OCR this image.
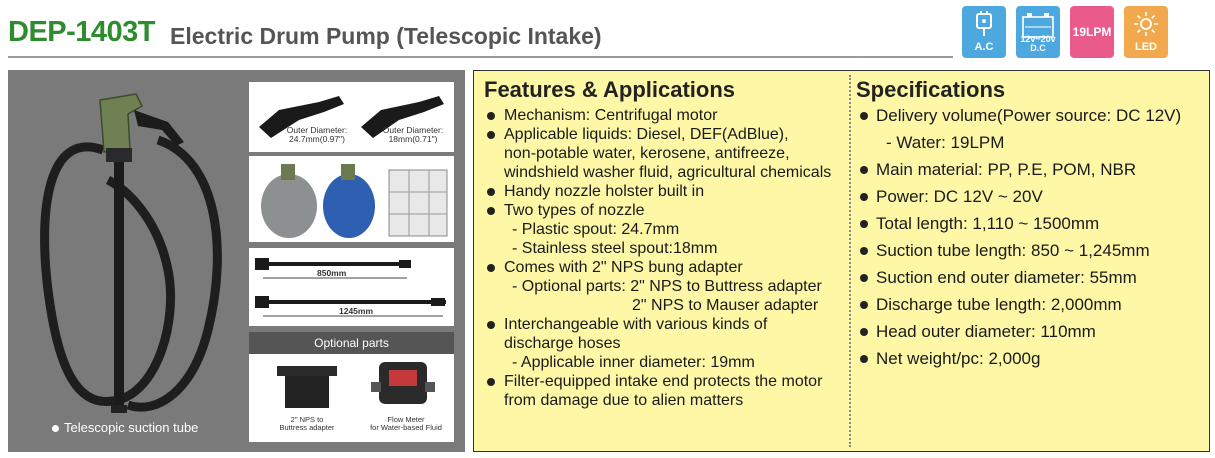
DEP-1403T Electric Drum Pump (Telescopic Intake)	A.C
12v~20v D.C
19LPM
LED
Telescopic suction tube
Outer Diameter:
24.7mm(0.97")
Outer Diameter:
18mm(0.71")
850mm
1245mm
Optional parts
2" NPS to
Buttress adapter
Flow Meter
for Water-based Fluid
Features & Applications
Mechanism: Centrifugal motor
Applicable liquids: Diesel, DEF(AdBlue),
non-potable water, kerosene, antifreeze,
windshield washer fluid, agricultural chemicals
Handy nozzle holster built in
Two types of nozzle
- Plastic spout: 24.7mm
- Stainless steel spout:18mm
Comes with 2" NPS bung adapter
- Optional parts: 2" NPS to Buttress adapter
2" NPS to Mauser adapter
Interchangeable with various kinds of
discharge hoses
- Applicable inner diameter: 19mm
Filter-equipped intake end protects the motor
from damage due to alien matters
Specifications
Delivery volume(Power source: DC 12V)
- Water: 19LPM
Main material: PP, P.E, POM, NBR
Power: DC 12V ~ 20V
Total length: 1,110 ~ 1500mm
Suction tube length: 850 ~ 1,245mm
Suction end outer diameter: 55mm
Discharge tube length: 2,000mm
Head outer diameter: 110mm
Net weight/pc: 2,000g
